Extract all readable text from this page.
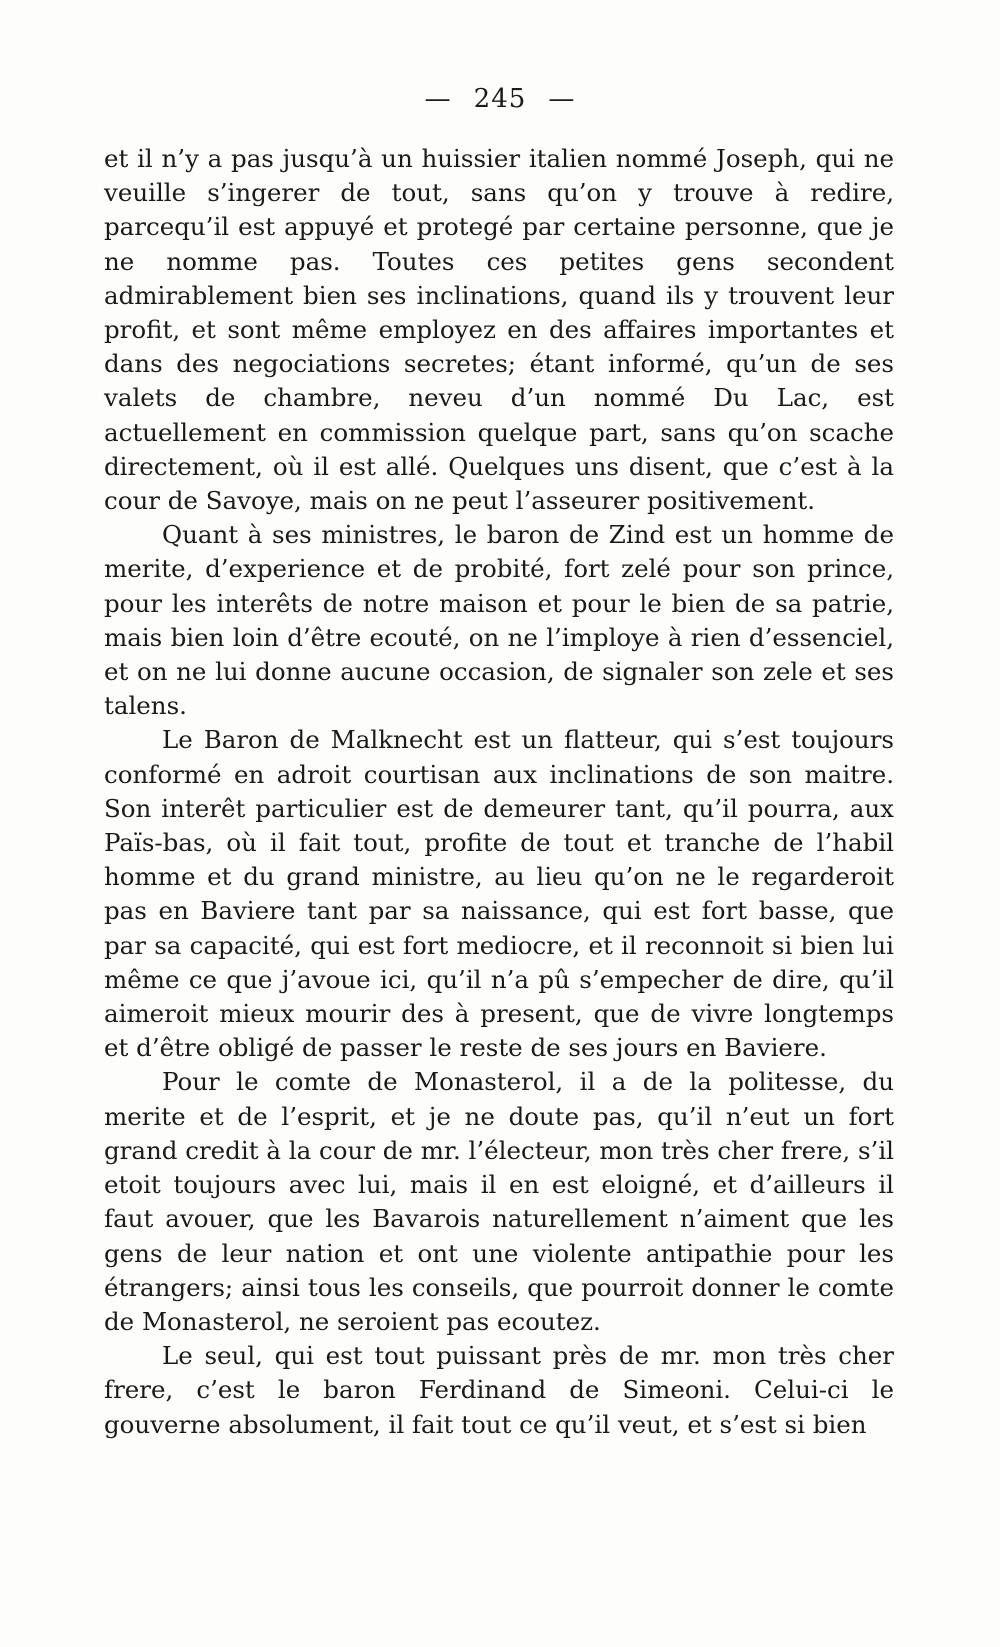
— 245 —

et il n’y a pas jusqu’à un huissier italien nommé Joseph, qui ne veuille s’ingerer de tout, sans qu’on y trouve à redire, parcequ’il est appuyé et protegé par certaine personne, que je ne nomme pas. Toutes ces petites gens secondent admirablement bien ses inclinations, quand ils y trouvent leur profit, et sont même employez en des affaires importantes et dans des negociations secretes; étant informé, qu’un de ses valets de chambre, neveu d’un nommé Du Lac, est actuellement en commission quelque part, sans qu’on scache directement, où il est allé. Quelques uns disent, que c’est à la cour de Savoye, mais on ne peut l’asseurer positivement.

Quant à ses ministres, le baron de Zind est un homme de merite, d’experience et de probité, fort zelé pour son prince, pour les interêts de notre maison et pour le bien de sa patrie, mais bien loin d’être ecouté, on ne l’imploye à rien d’essenciel, et on ne lui donne aucune occasion, de signaler son zele et ses talens.

Le Baron de Malknecht est un flatteur, qui s’est toujours conformé en adroit courtisan aux inclinations de son maitre. Son interêt particulier est de demeurer tant, qu’il pourra, aux Païs-bas, où il fait tout, profite de tout et tranche de l’habil homme et du grand ministre, au lieu qu’on ne le regarderoit pas en Baviere tant par sa naissance, qui est fort basse, que par sa capacité, qui est fort mediocre, et il reconnoit si bien lui même ce que j’avoue ici, qu’il n’a pû s’empecher de dire, qu’il aimeroit mieux mourir des à present, que de vivre longtemps et d’être obligé de passer le reste de ses jours en Baviere.

Pour le comte de Monasterol, il a de la politesse, du merite et de l’esprit, et je ne doute pas, qu’il n’eut un fort grand credit à la cour de mr. l’électeur, mon très cher frere, s’il etoit toujours avec lui, mais il en est eloigné, et d’ailleurs il faut avouer, que les Bavarois naturellement n’aiment que les gens de leur nation et ont une violente antipathie pour les étrangers; ainsi tous les conseils, que pourroit donner le comte de Monasterol, ne seroient pas ecoutez.

Le seul, qui est tout puissant près de mr. mon très cher frere, c’est le baron Ferdinand de Simeoni. Celui-ci le gouverne absolument, il fait tout ce qu’il veut, et s’est si bien
